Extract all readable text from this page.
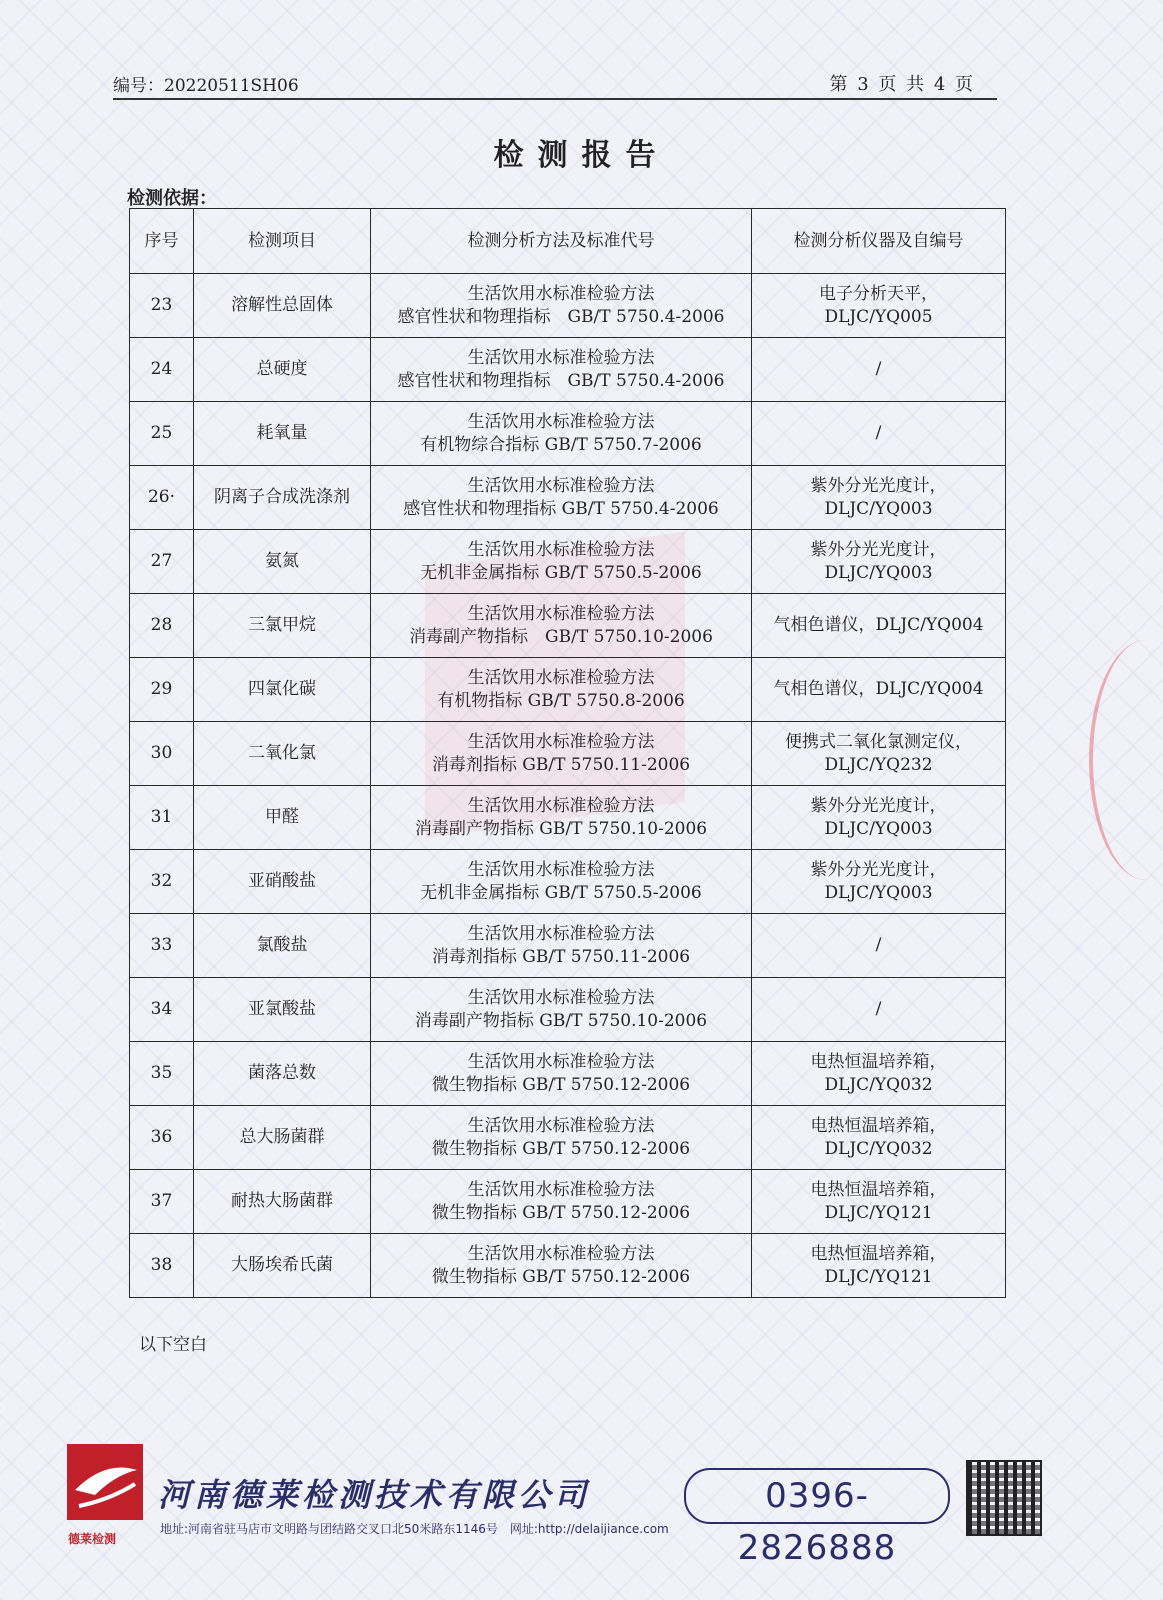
编号：20220511SH06	第 3 页 共 4 页
检测报告
检测依据：
序号	检测项目	检测分析方法及标准代号	检测分析仪器及自编号
23	溶解性总固体	生活饮用水标准检验方法
感官性状和物理指标　GB/T 5750.4-2006	电子分析天平，
DLJC/YQ005

24	总硬度	生活饮用水标准检验方法
感官性状和物理指标　GB/T 5750.4-2006	/

25	耗氧量	生活饮用水标准检验方法
有机物综合指标 GB/T 5750.7-2006	/

26·	阴离子合成洗涤剂	生活饮用水标准检验方法
感官性状和物理指标 GB/T 5750.4-2006	紫外分光光度计，
DLJC/YQ003

27	氨氮	生活饮用水标准检验方法
无机非金属指标 GB/T 5750.5-2006	紫外分光光度计，
DLJC/YQ003

28	三氯甲烷	生活饮用水标准检验方法
消毒副产物指标　GB/T 5750.10-2006	气相色谱仪，DLJC/YQ004

29	四氯化碳	生活饮用水标准检验方法
有机物指标 GB/T 5750.8-2006	气相色谱仪，DLJC/YQ004

30	二氧化氯	生活饮用水标准检验方法
消毒剂指标 GB/T 5750.11-2006	便携式二氧化氯测定仪，
DLJC/YQ232

31	甲醛	生活饮用水标准检验方法
消毒副产物指标 GB/T 5750.10-2006	紫外分光光度计，
DLJC/YQ003

32	亚硝酸盐	生活饮用水标准检验方法
无机非金属指标 GB/T 5750.5-2006	紫外分光光度计，
DLJC/YQ003

33	氯酸盐	生活饮用水标准检验方法
消毒剂指标 GB/T 5750.11-2006	/

34	亚氯酸盐	生活饮用水标准检验方法
消毒副产物指标 GB/T 5750.10-2006	/

35	菌落总数	生活饮用水标准检验方法
微生物指标 GB/T 5750.12-2006	电热恒温培养箱，
DLJC/YQ032

36	总大肠菌群	生活饮用水标准检验方法
微生物指标 GB/T 5750.12-2006	电热恒温培养箱，
DLJC/YQ032

37	耐热大肠菌群	生活饮用水标准检验方法
微生物指标 GB/T 5750.12-2006	电热恒温培养箱，
DLJC/YQ121

38	大肠埃希氏菌	生活饮用水标准检验方法
微生物指标 GB/T 5750.12-2006	电热恒温培养箱，
DLJC/YQ121
以下空白
德莱检测
河南德莱检测技术有限公司	0396-2826888
地址:河南省驻马店市文明路与团结路交叉口北50米路东1146号　网址:http://delaijiance.com
